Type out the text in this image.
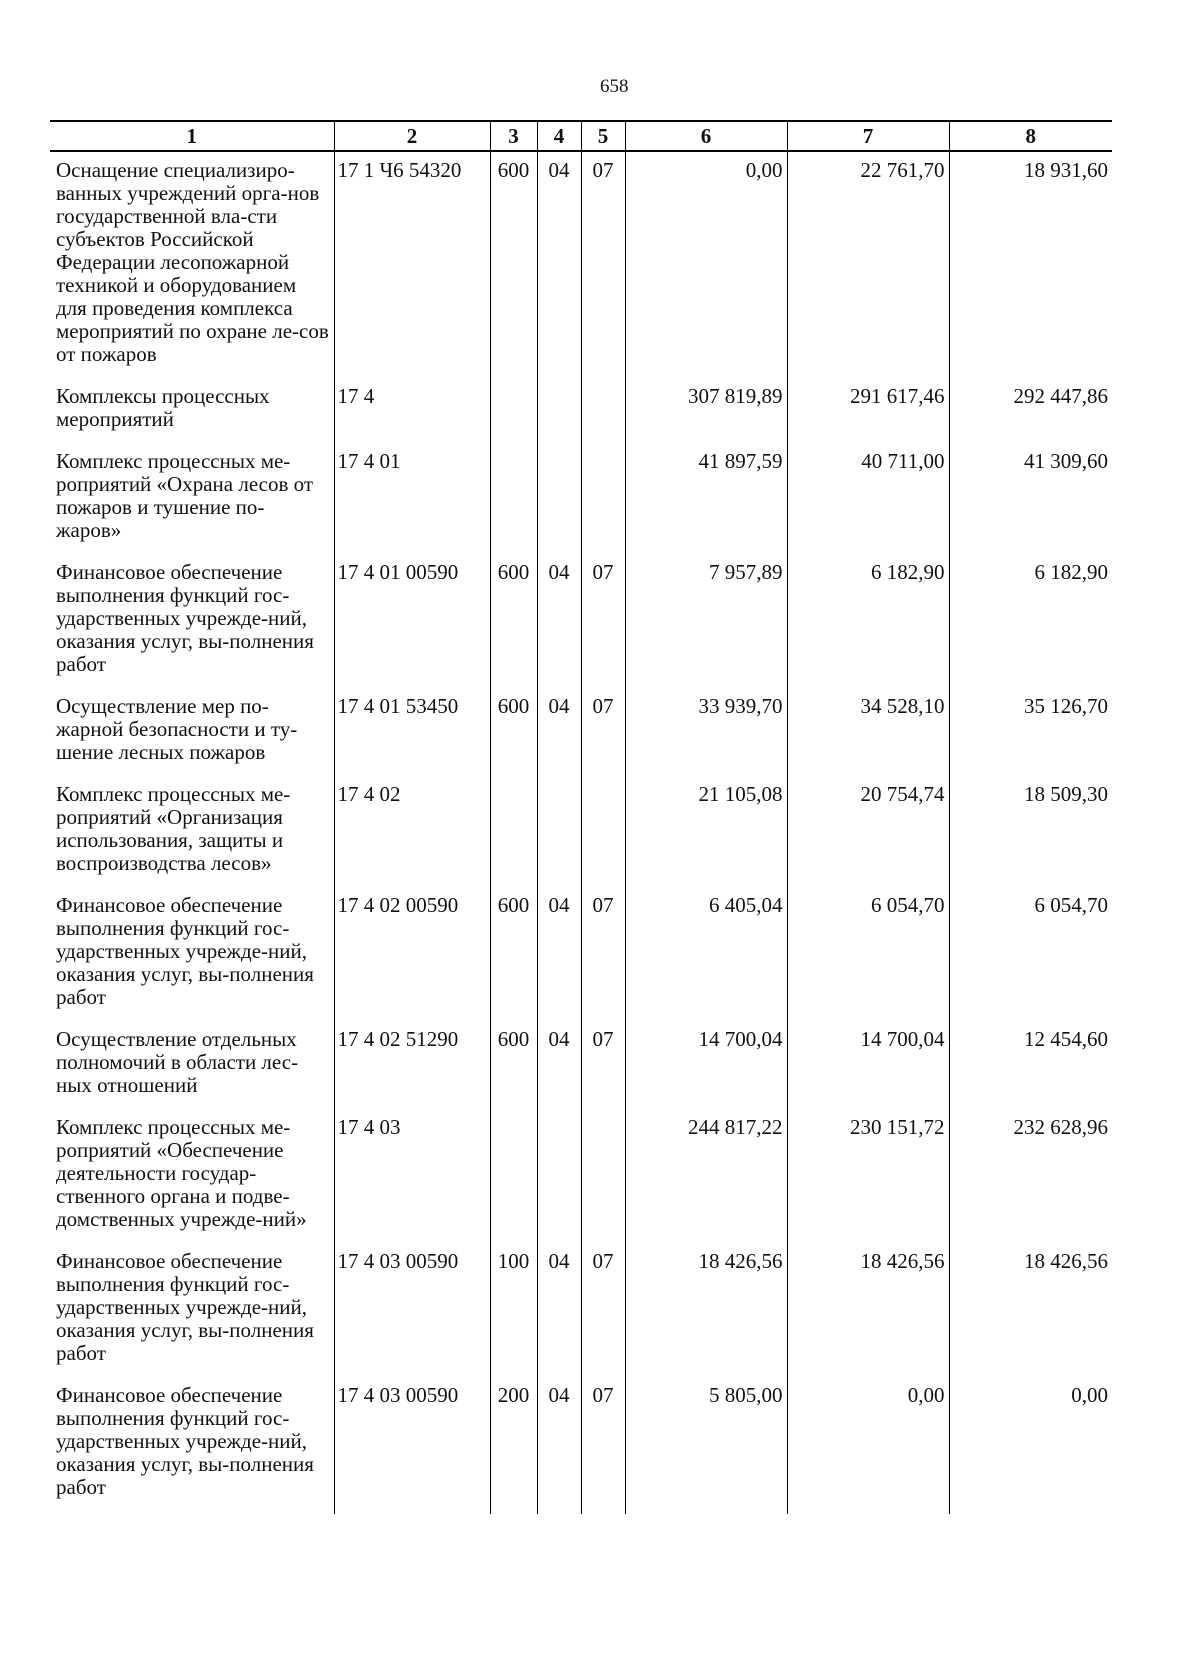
658
1	2	3	4	5	6	7	8
Оснащение специализиро-ванных учреждений орга-нов государственной вла-сти субъектов Российской Федерации лесопожарной техникой и оборудованием для проведения комплекса мероприятий по охране ле-сов от пожаров	17 1 Ч6 54320	600	04	07	0,00	22 761,70	18 931,60
Комплексы процессных мероприятий	17 4				307 819,89	291 617,46	292 447,86
Комплекс процессных ме-роприятий «Охрана лесов от пожаров и тушение по-жаров»	17 4 01				41 897,59	40 711,00	41 309,60
Финансовое обеспечение выполнения функций гос-ударственных учрежде-ний, оказания услуг, вы-полнения работ	17 4 01 00590	600	04	07	7 957,89	6 182,90	6 182,90
Осуществление мер по-жарной безопасности и ту-шение лесных пожаров	17 4 01 53450	600	04	07	33 939,70	34 528,10	35 126,70
Комплекс процессных ме-роприятий «Организация использования, защиты и воспроизводства лесов»	17 4 02				21 105,08	20 754,74	18 509,30
Финансовое обеспечение выполнения функций гос-ударственных учрежде-ний, оказания услуг, вы-полнения работ	17 4 02 00590	600	04	07	6 405,04	6 054,70	6 054,70
Осуществление отдельных полномочий в области лес-ных отношений	17 4 02 51290	600	04	07	14 700,04	14 700,04	12 454,60
Комплекс процессных ме-роприятий «Обеспечение деятельности государ-ственного органа и подве-домственных учрежде-ний»	17 4 03				244 817,22	230 151,72	232 628,96
Финансовое обеспечение выполнения функций гос-ударственных учрежде-ний, оказания услуг, вы-полнения работ	17 4 03 00590	100	04	07	18 426,56	18 426,56	18 426,56
Финансовое обеспечение выполнения функций гос-ударственных учрежде-ний, оказания услуг, вы-полнения работ	17 4 03 00590	200	04	07	5 805,00	0,00	0,00
